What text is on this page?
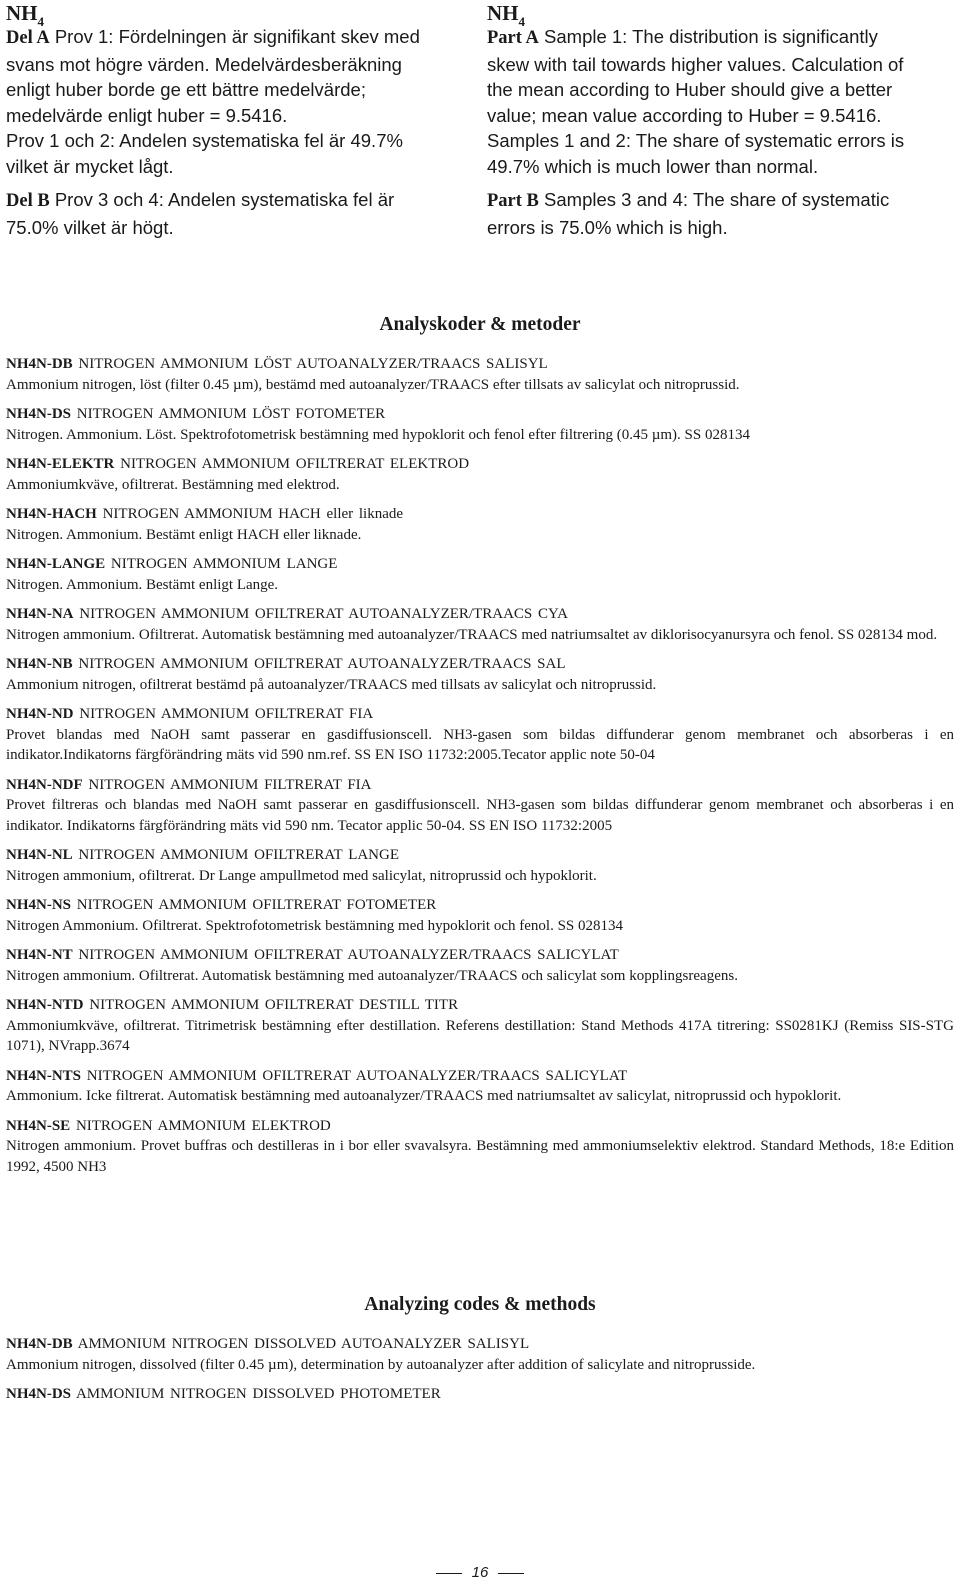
$NH_4$

Del A Prov 1: Fördelningen är signifikant skev med
svans mot högre värden. Medelvärdesberäkning
enligt huber borde ge ett bättre medelvärde;
medelvärde enligt huber = 9.5416.
Prov 1 och 2: Andelen systematiska fel är 49.7%
vilket är mycket lågt.

Del B Prov 3 och 4: Andelen systematiska fel är
75.0% vilket är högt.

$NH_4$

Part A Sample 1: The distribution is significantly
skew with tail towards higher values. Calculation of
the mean according to Huber should give a better
value; mean value according to Huber = 9.5416.
Samples 1 and 2: The share of systematic errors is
49.7% which is much lower than normal.

Part B Samples 3 and 4: The share of systematic
errors is 75.0% which is high.

Analyskoder & metoder
NH4N-DB NITROGEN AMMONIUM LÖST AUTOANALYZER/TRAACS SALISYL
Ammonium nitrogen, löst (filter 0.45 µm), bestämd med autoanalyzer/TRAACS efter tillsats av salicylat och nitroprussid.
NH4N-DS NITROGEN AMMONIUM LÖST FOTOMETER
Nitrogen. Ammonium. Löst. Spektrofotometrisk bestämning med hypoklorit och fenol efter filtrering (0.45 µm). SS 028134
NH4N-ELEKTR NITROGEN AMMONIUM OFILTRERAT ELEKTROD
Ammoniumkväve, ofiltrerat. Bestämning med elektrod.
NH4N-HACH NITROGEN AMMONIUM HACH eller liknade
Nitrogen. Ammonium. Bestämt enligt HACH eller liknade.
NH4N-LANGE NITROGEN AMMONIUM LANGE
Nitrogen. Ammonium. Bestämt enligt Lange.
NH4N-NA NITROGEN AMMONIUM OFILTRERAT AUTOANALYZER/TRAACS CYA
Nitrogen ammonium. Ofiltrerat. Automatisk bestämning med autoanalyzer/TRAACS med natriumsaltet av diklorisocyanursyra och fenol. SS 028134 mod.
NH4N-NB NITROGEN AMMONIUM OFILTRERAT AUTOANALYZER/TRAACS SAL
Ammonium nitrogen, ofiltrerat bestämd på autoanalyzer/TRAACS med tillsats av salicylat och nitroprussid.
NH4N-ND NITROGEN AMMONIUM OFILTRERAT FIA
Provet blandas med NaOH samt passerar en gasdiffusionscell. NH3-gasen som bildas diffunderar genom membranet och absorberas i en indikator.Indikatorns färgförändring mäts vid 590 nm.ref. SS EN ISO 11732:2005.Tecator applic note 50-04
NH4N-NDF NITROGEN AMMONIUM FILTRERAT FIA
Provet filtreras och blandas med NaOH samt passerar en gasdiffusionscell. NH3-gasen som bildas diffunderar genom membranet och absorberas i en indikator. Indikatorns färgförändring mäts vid 590 nm. Tecator applic 50-04. SS EN ISO 11732:2005
NH4N-NL NITROGEN AMMONIUM OFILTRERAT LANGE
Nitrogen ammonium, ofiltrerat. Dr Lange ampullmetod med salicylat, nitroprussid och hypoklorit.
NH4N-NS NITROGEN AMMONIUM OFILTRERAT FOTOMETER
Nitrogen Ammonium. Ofiltrerat. Spektrofotometrisk bestämning med hypoklorit och fenol. SS 028134
NH4N-NT NITROGEN AMMONIUM OFILTRERAT AUTOANALYZER/TRAACS SALICYLAT
Nitrogen ammonium. Ofiltrerat. Automatisk bestämning med autoanalyzer/TRAACS och salicylat som kopplingsreagens.
NH4N-NTD NITROGEN AMMONIUM OFILTRERAT DESTILL TITR
Ammoniumkväve, ofiltrerat. Titrimetrisk bestämning efter destillation. Referens destillation: Stand Methods 417A titrering: SS0281KJ (Remiss SIS-STG 1071), NVrapp.3674
NH4N-NTS NITROGEN AMMONIUM OFILTRERAT AUTOANALYZER/TRAACS SALICYLAT
Ammonium. Icke filtrerat. Automatisk bestämning med autoanalyzer/TRAACS med natriumsaltet av salicylat, nitroprussid och hypoklorit.
NH4N-SE NITROGEN AMMONIUM ELEKTROD
Nitrogen ammonium. Provet buffras och destilleras in i bor eller svavalsyra. Bestämning med ammoniumselektiv elektrod. Standard Methods, 18:e Edition 1992, 4500 NH3
Analyzing codes & methods
NH4N-DB AMMONIUM NITROGEN DISSOLVED AUTOANALYZER SALISYL
Ammonium nitrogen, dissolved (filter 0.45 µm), determination by autoanalyzer after addition of salicylate and nitroprusside.
NH4N-DS AMMONIUM NITROGEN DISSOLVED PHOTOMETER
16
